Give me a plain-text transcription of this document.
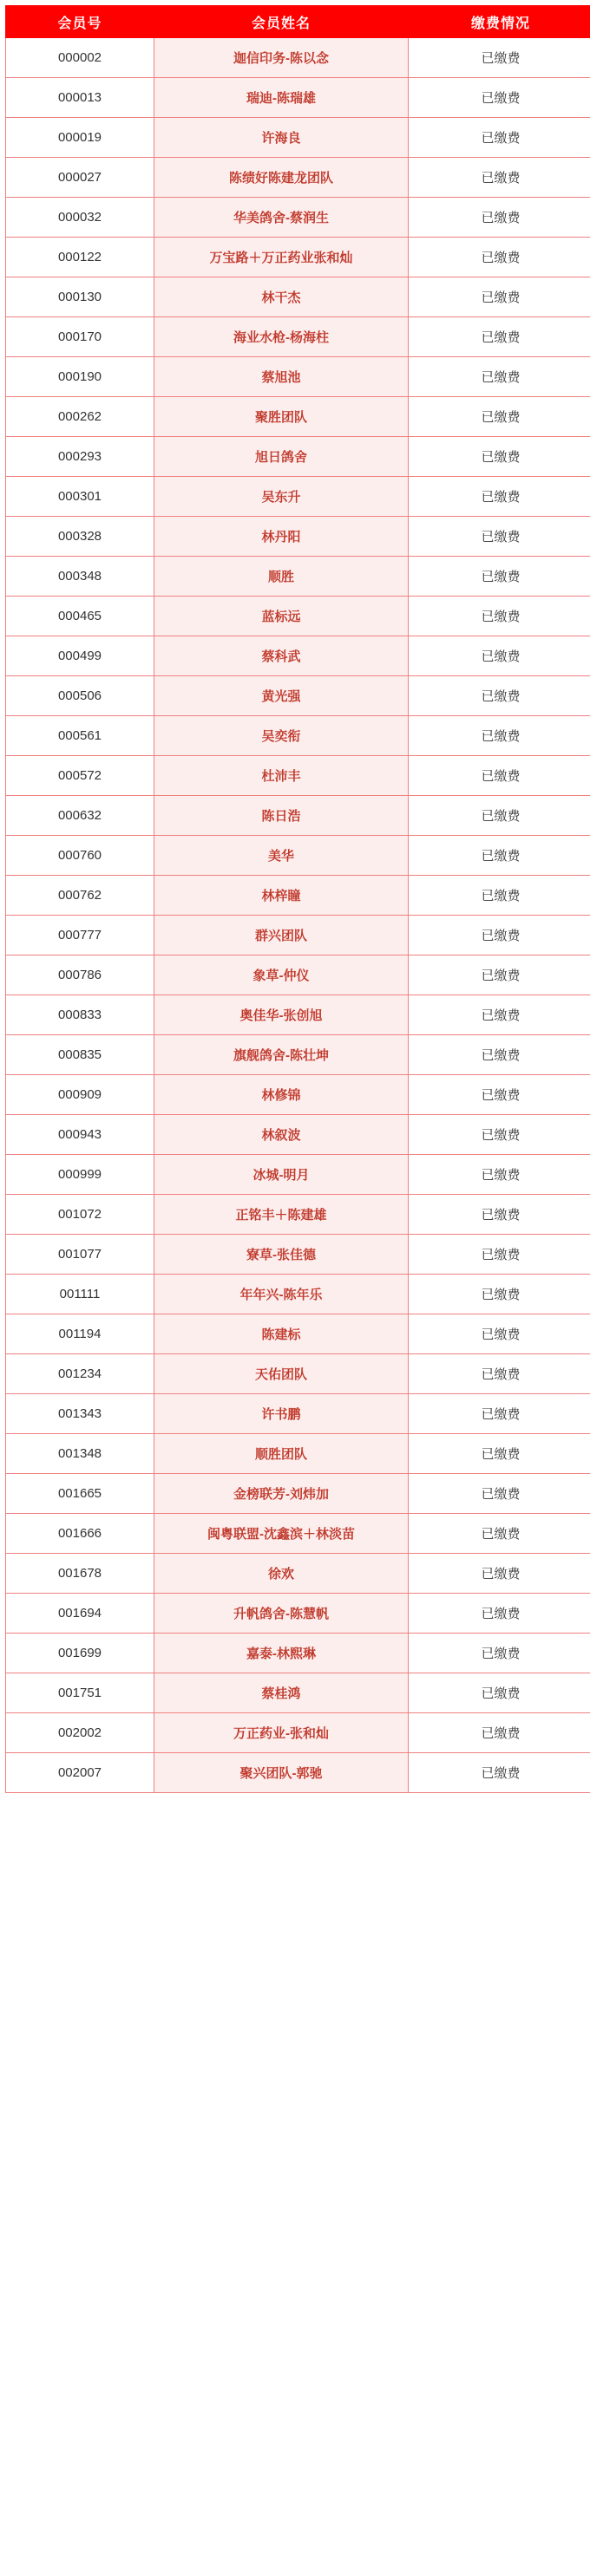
会员号	会员姓名	缴费情况
000002	迦信印务-陈以念	已缴费
000013	瑞迪-陈瑞雄	已缴费
000019	许海良	已缴费
000027	陈绩好陈建龙团队	已缴费
000032	华美鸽舍-蔡润生	已缴费
000122	万宝路＋万正药业张和灿	已缴费
000130	林干杰	已缴费
000170	海业水枪-杨海柱	已缴费
000190	蔡旭池	已缴费
000262	聚胜团队	已缴费
000293	旭日鸽舍	已缴费
000301	吴东升	已缴费
000328	林丹阳	已缴费
000348	顺胜	已缴费
000465	蓝标远	已缴费
000499	蔡科武	已缴费
000506	黄光强	已缴费
000561	吴奕衔	已缴费
000572	杜沛丰	已缴费
000632	陈日浩	已缴费
000760	美华	已缴费
000762	林梓瞳	已缴费
000777	群兴团队	已缴费
000786	象草-仲仪	已缴费
000833	奥佳华-张创旭	已缴费
000835	旗舰鸽舍-陈壮坤	已缴费
000909	林修锦	已缴费
000943	林叙波	已缴费
000999	冰城-明月	已缴费
001072	正铭丰＋陈建雄	已缴费
001077	寮草-张佳德	已缴费
001111	年年兴-陈年乐	已缴费
001194	陈建标	已缴费
001234	天佑团队	已缴费
001343	许书鹏	已缴费
001348	顺胜团队	已缴费
001665	金榜联芳-刘炜加	已缴费
001666	闽粤联盟-沈鑫滨＋林淡苗	已缴费
001678	徐欢	已缴费
001694	升帆鸽舍-陈慧帆	已缴费
001699	嘉泰-林熙琳	已缴费
001751	蔡桂鸿	已缴费
002002	万正药业-张和灿	已缴费
002007	聚兴团队-郭驰	已缴费
